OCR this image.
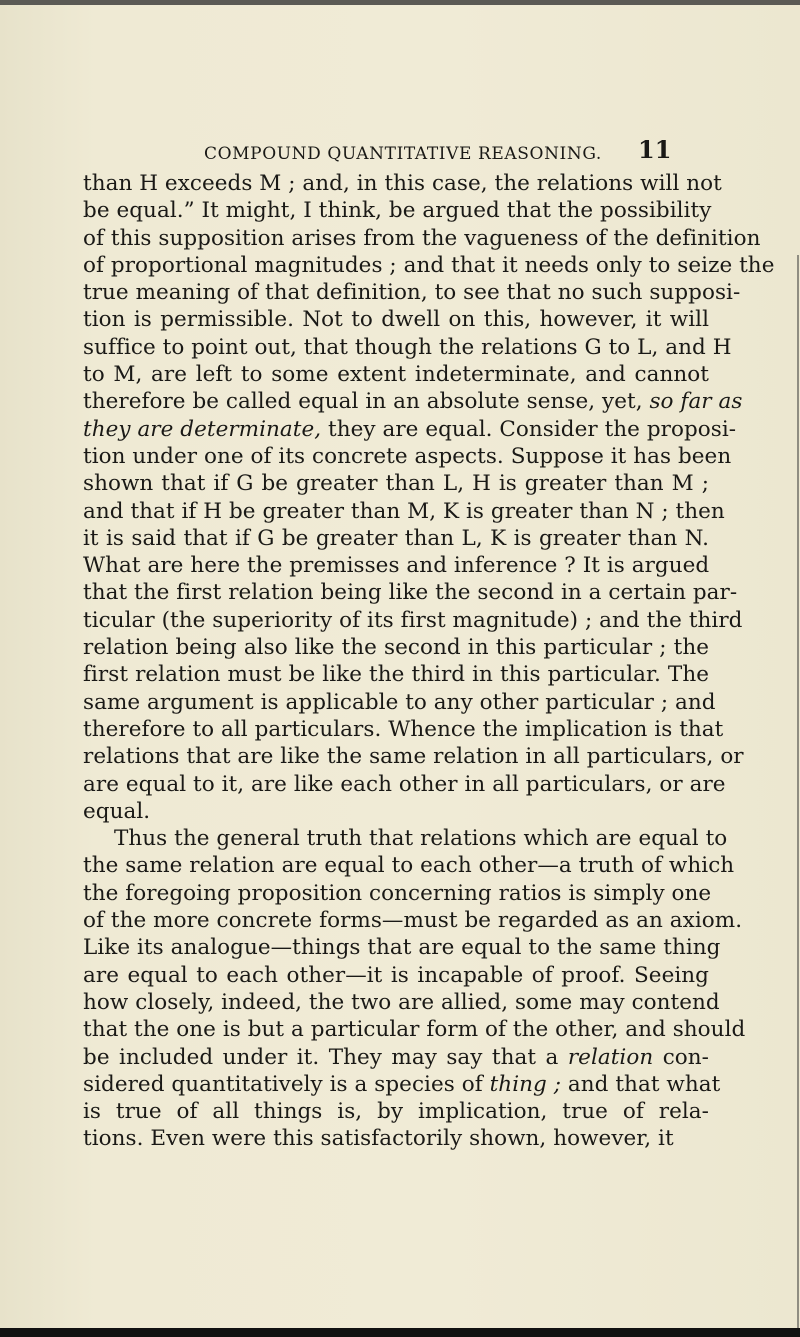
COMPOUND QUANTITATIVE REASONING. 11
than H exceeds M ; and, in this case, the relations will not
be equal.” It might, I think, be argued that the possibility
of this supposition arises from the vagueness of the definition
of proportional magnitudes ; and that it needs only to seize the
true meaning of that definition, to see that no such supposi-
tion is permissible. Not to dwell on this, however, it will
suffice to point out, that though the relations G to L, and H
to M, are left to some extent indeterminate, and cannot
therefore be called equal in an absolute sense, yet, so far as
they are determinate, they are equal. Consider the proposi-
tion under one of its concrete aspects. Suppose it has been
shown that if G be greater than L, H is greater than M ;
and that if H be greater than M, K is greater than N ; then
it is said that if G be greater than L, K is greater than N.
What are here the premisses and inference ? It is argued
that the first relation being like the second in a certain par-
ticular (the superiority of its first magnitude) ; and the third
relation being also like the second in this particular ; the
first relation must be like the third in this particular. The
same argument is applicable to any other particular ; and
therefore to all particulars. Whence the implication is that
relations that are like the same relation in all particulars, or
are equal to it, are like each other in all particulars, or are
equal.
Thus the general truth that relations which are equal to
the same relation are equal to each other—a truth of which
the foregoing proposition concerning ratios is simply one
of the more concrete forms—must be regarded as an axiom.
Like its analogue—things that are equal to the same thing
are equal to each other—it is incapable of proof. Seeing
how closely, indeed, the two are allied, some may contend
that the one is but a particular form of the other, and should
be included under it. They may say that a relation con-
sidered quantitatively is a species of thing ; and that what
is true of all things is, by implication, true of rela-
tions. Even were this satisfactorily shown, however, it
